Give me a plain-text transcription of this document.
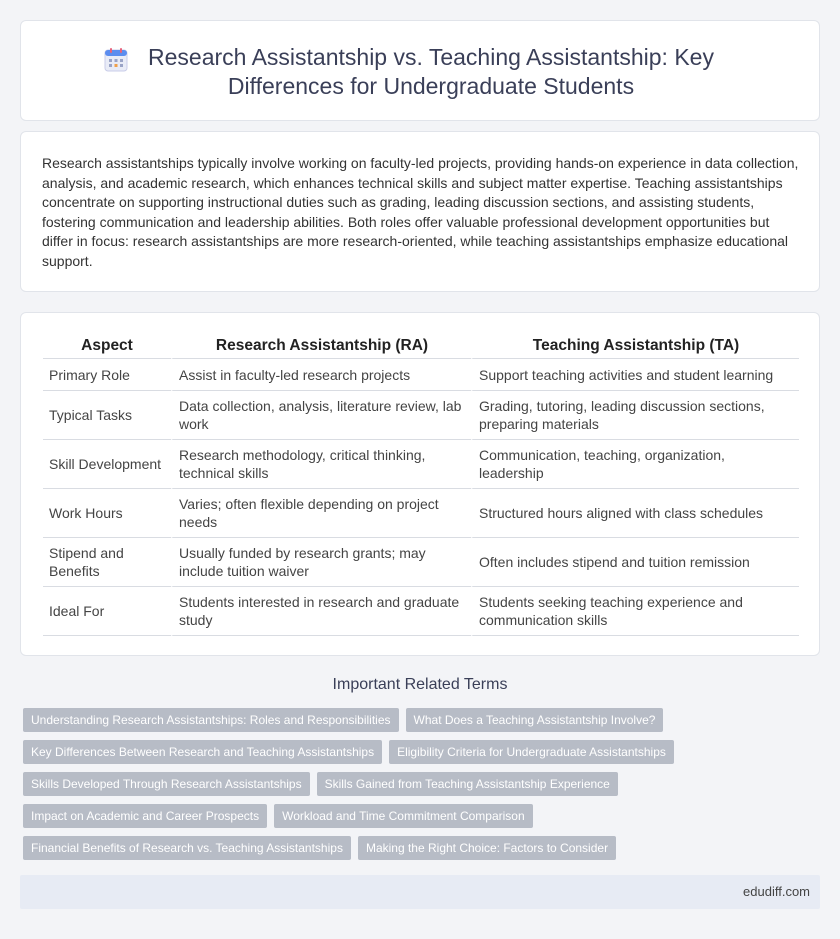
Research Assistantship vs. Teaching Assistantship: Key Differences for Undergraduate Students

Research assistantships typically involve working on faculty-led projects, providing hands-on experience in data collection, analysis, and academic research, which enhances technical skills and subject matter expertise. Teaching assistantships concentrate on supporting instructional duties such as grading, leading discussion sections, and assisting students, fostering communication and leadership abilities. Both roles offer valuable professional development opportunities but differ in focus: research assistantships are more research-oriented, while teaching assistantships emphasize educational support.

Aspect	Research Assistantship (RA)	Teaching Assistantship (TA)
Primary Role	Assist in faculty-led research projects	Support teaching activities and student learning
Typical Tasks	Data collection, analysis, literature review, lab work	Grading, tutoring, leading discussion sections, preparing materials
Skill Development	Research methodology, critical thinking, technical skills	Communication, teaching, organization, leadership
Work Hours	Varies; often flexible depending on project needs	Structured hours aligned with class schedules
Stipend and Benefits	Usually funded by research grants; may include tuition waiver	Often includes stipend and tuition remission
Ideal For	Students interested in research and graduate study	Students seeking teaching experience and communication skills
Important Related Terms
Understanding Research Assistantships: Roles and Responsibilities	What Does a Teaching Assistantship Involve?
Key Differences Between Research and Teaching Assistantships	Eligibility Criteria for Undergraduate Assistantships
Skills Developed Through Research Assistantships	Skills Gained from Teaching Assistantship Experience
Impact on Academic and Career Prospects	Workload and Time Commitment Comparison
Financial Benefits of Research vs. Teaching Assistantships	Making the Right Choice: Factors to Consider
edudiff.com
